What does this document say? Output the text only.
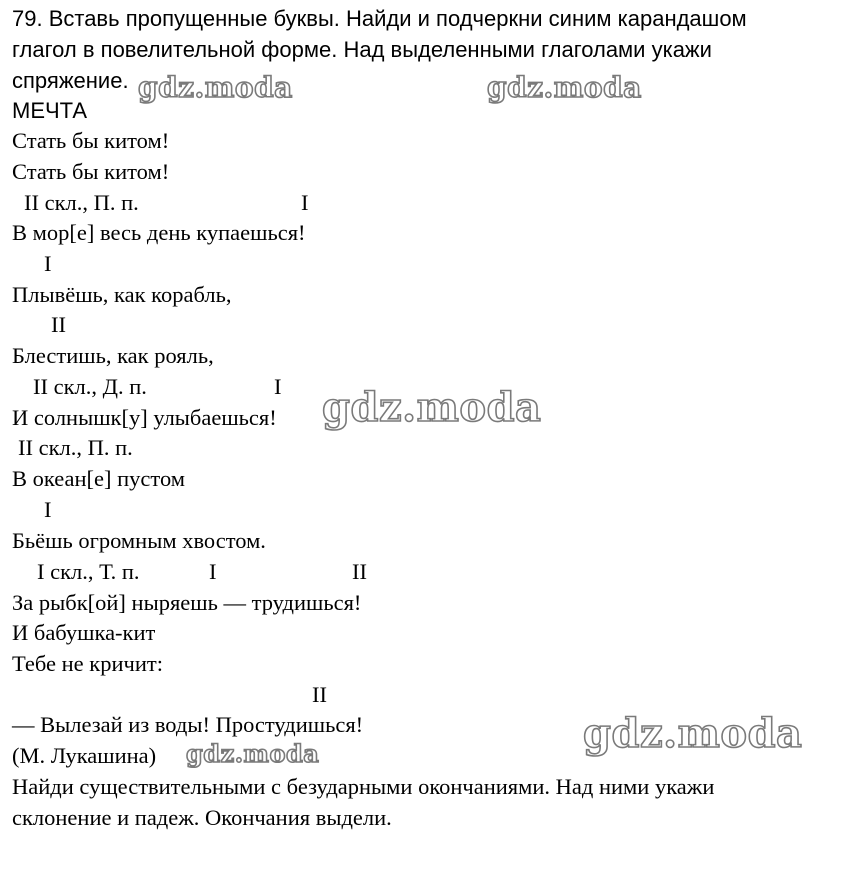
79. Вставь пропущенные буквы. Найди и подчеркни синим карандашом
глагол в повелительной форме. Над выделенными глаголами укажи
спряжение.
МЕЧТА
Стать бы китом!
Стать бы китом!
II скл., П. п.	I
В мор[е] весь день купаешься!
I
Плывёшь, как корабль,
II
Блестишь, как рояль,
II скл., Д. п.	I
И солнышк[у] улыбаешься!
II скл., П. п.
В океан[е] пустом
I
Бьёшь огромным хвостом.
I скл., Т. п.	I	II
За рыбк[ой] ныряешь — трудишься!
И бабушка-кит
Тебе не кричит:
II
— Вылезай из воды! Простудишься!
(М. Лукашина)
Найди существительными с безударными окончаниями. Над ними укажи
склонение и падеж. Окончания выдели.
gdz.moda	gdz.moda
gdz.moda
gdz.moda
gdz.moda
